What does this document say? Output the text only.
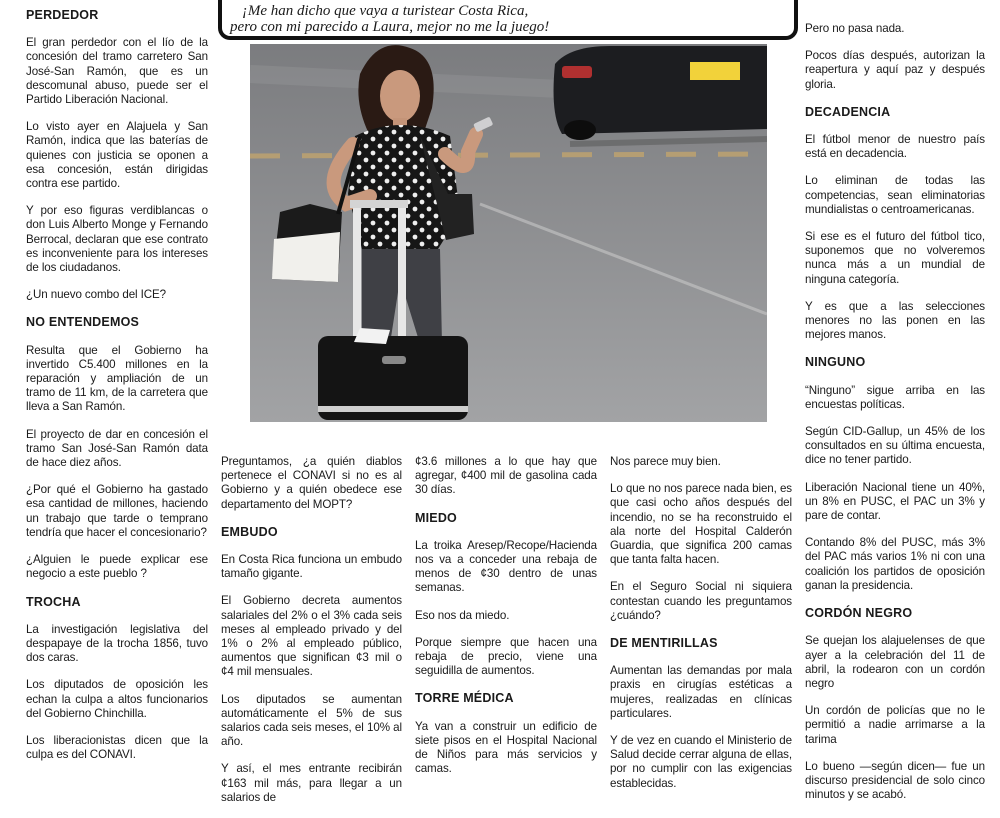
¡Me han dicho que vaya a turistear Costa Rica,
pero con mi parecido a Laura, mejor no me la juego!
PERDEDOR

El gran perdedor con el lío de la concesión del tramo carretero San José-San Ramón, que es un descomunal abuso, puede ser el Partido Liberación Nacional.

Lo visto ayer en Alajuela y San Ramón, indica que las baterías de quienes con justicia se oponen a esa concesión, están dirigidas contra ese partido.

Y por eso figuras verdiblancas o don Luis Alberto Monge y Fernando Berrocal, declaran que ese contrato es inconveniente para los intereses de los ciudadanos.

¿Un nuevo combo del ICE?

NO ENTENDEMOS

Resulta que el Gobierno ha invertido C5.400 millones en la reparación y ampliación de un tramo de 11 km, de la carretera que lleva a San Ramón.

El proyecto de dar en concesión el tramo San José-San Ramón data de hace diez años.

¿Por qué el Gobierno ha gastado esa cantidad de millones, haciendo un trabajo que tarde o temprano tendría que hacer el concesionario?

¿Alguien le puede explicar ese negocio a este pueblo ?

TROCHA

La investigación legislativa del despapaye de la trocha 1856, tuvo dos caras.

Los diputados de oposición les echan la culpa a altos funcionarios del Gobierno Chinchilla.

Los liberacionistas dicen que la culpa es del CONAVI.

Preguntamos, ¿a quién diablos pertenece el CONAVI si no es al Gobierno y a quién obedece ese departamento del MOPT?

EMBUDO

En Costa Rica funciona un embudo tamaño gigante.

El Gobierno decreta aumentos salariales del 2% o el 3% cada seis meses al empleado privado y del 1% o 2% al empleado público, aumentos que significan ¢3 mil o ¢4 mil mensuales.

Los diputados se aumentan automáticamente el 5% de sus salarios cada seis meses, el 10% al año.

Y así, el mes entrante recibirán ¢163 mil más, para llegar a un salarios de

¢3.6 millones a lo que hay que agregar, ¢400 mil de gasolina cada 30 días.

MIEDO

La troika Aresep/Recope/Hacienda nos va a conceder una rebaja de menos de ¢30 dentro de unas semanas.

Eso nos da miedo.

Porque siempre que hacen una rebaja de precio, viene una seguidilla de aumentos.

TORRE MÉDICA

Ya van a construir un edificio de siete pisos en el Hospital Nacional de Niños para más servicios y camas.

Nos parece muy bien.

Lo que no nos parece nada bien, es que casi ocho años después del incendio, no se ha reconstruido el ala norte del Hospital Calderón Guardia, que significa 200 camas que tanta falta hacen.

En el Seguro Social ni siquiera contestan cuando les preguntamos ¿cuándo?

DE MENTIRILLAS

Aumentan las demandas por mala praxis en cirugías estéticas a mujeres, realizadas en clínicas particulares.

Y de vez en cuando el Ministerio de Salud decide cerrar alguna de ellas, por no cumplir con las exigencias establecidas.

Pero no pasa nada.

Pocos días después, autorizan la reapertura y aquí paz y después gloria.

DECADENCIA

El fútbol menor de nuestro país está en decadencia.

Lo eliminan de todas las competencias, sean eliminatorias mundialistas o centroamericanas.

Si ese es el futuro del fútbol tico, suponemos que no volveremos nunca más a un mundial de ninguna categoría.

Y es que a las selecciones menores no las ponen en las mejores manos.

NINGUNO

“Ninguno” sigue arriba en las encuestas políticas.

Según CID-Gallup, un 45% de los consultados en su última encuesta, dice no tener partido.

Liberación Nacional tiene un 40%, un 8% en PUSC, el PAC un 3% y pare de contar.

Contando 8% del PUSC, más 3% del PAC más varios 1% ni con una coalición los partidos de oposición ganan la presidencia.

CORDÓN NEGRO

Se quejan los alajuelenses de que ayer a la celebración del 11 de abril, la rodearon con un cordón negro

Un cordón de policías que no le permitió a nadie arrimarse a la tarima

Lo bueno —según dicen— fue un discurso presidencial de solo cinco minutos y se acabó.
